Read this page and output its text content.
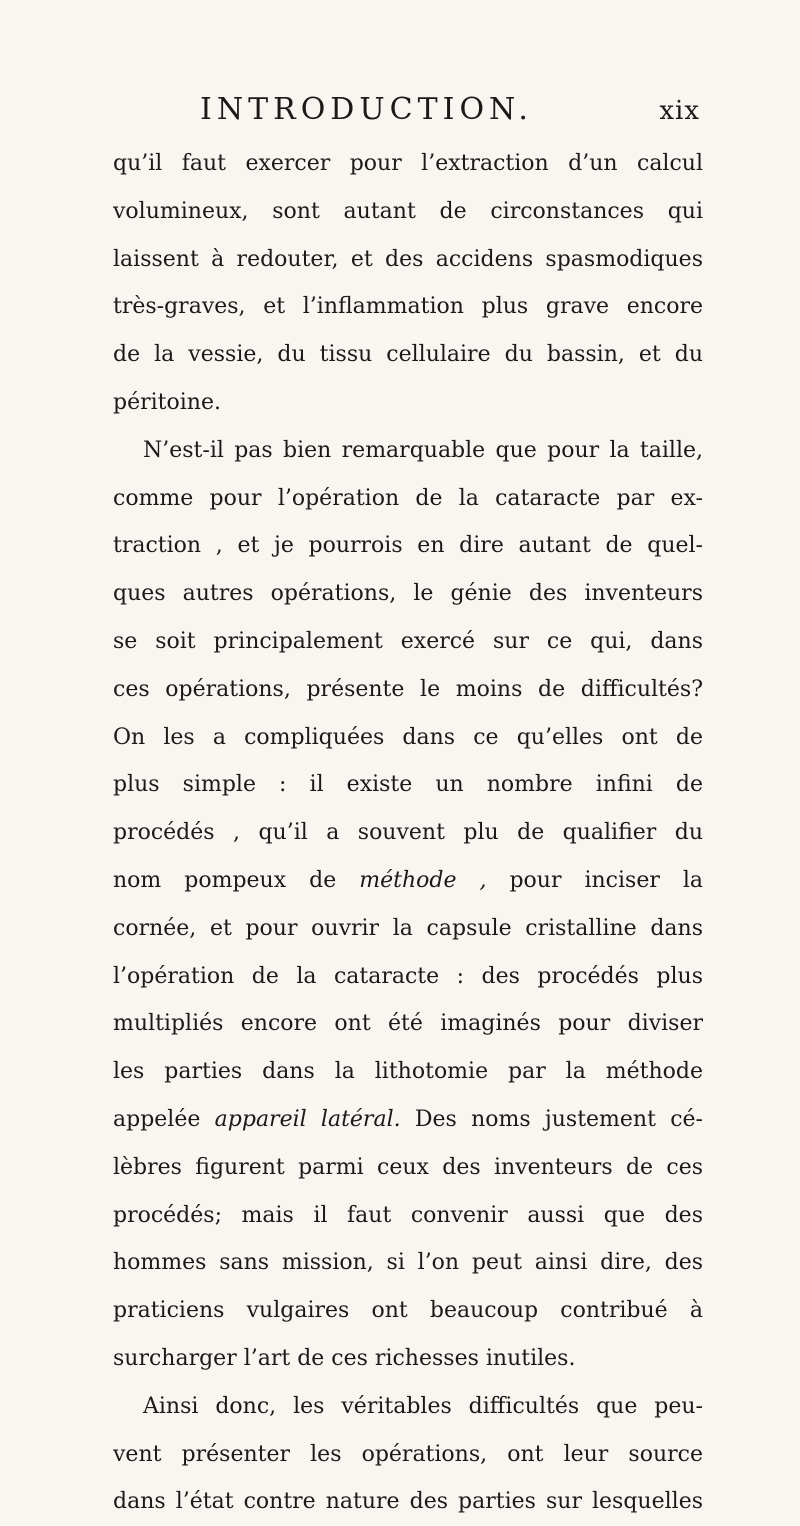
INTRODUCTION.	xix
qu’il faut exercer pour l’extraction d’un calcul
volumineux, sont autant de circonstances qui
laissent à redouter, et des accidens spasmodiques
très-graves, et l’inflammation plus grave encore
de la vessie, du tissu cellulaire du bassin, et du
péritoine.
N’est-il pas bien remarquable que pour la taille,
comme pour l’opération de la cataracte par ex-
traction , et je pourrois en dire autant de quel-
ques autres opérations, le génie des inventeurs
se soit principalement exercé sur ce qui, dans
ces opérations, présente le moins de difficultés?
On les a compliquées dans ce qu’elles ont de
plus simple : il existe un nombre infini de
procédés , qu’il a souvent plu de qualifier du
nom pompeux de méthode , pour inciser la
cornée, et pour ouvrir la capsule cristalline dans
l’opération de la cataracte : des procédés plus
multipliés encore ont été imaginés pour diviser
les parties dans la lithotomie par la méthode
appelée appareil latéral. Des noms justement cé-
lèbres figurent parmi ceux des inventeurs de ces
procédés; mais il faut convenir aussi que des
hommes sans mission, si l’on peut ainsi dire, des
praticiens vulgaires ont beaucoup contribué à
surcharger l’art de ces richesses inutiles.
Ainsi donc, les véritables difficultés que peu-
vent présenter les opérations, ont leur source
dans l’état contre nature des parties sur lesquelles
